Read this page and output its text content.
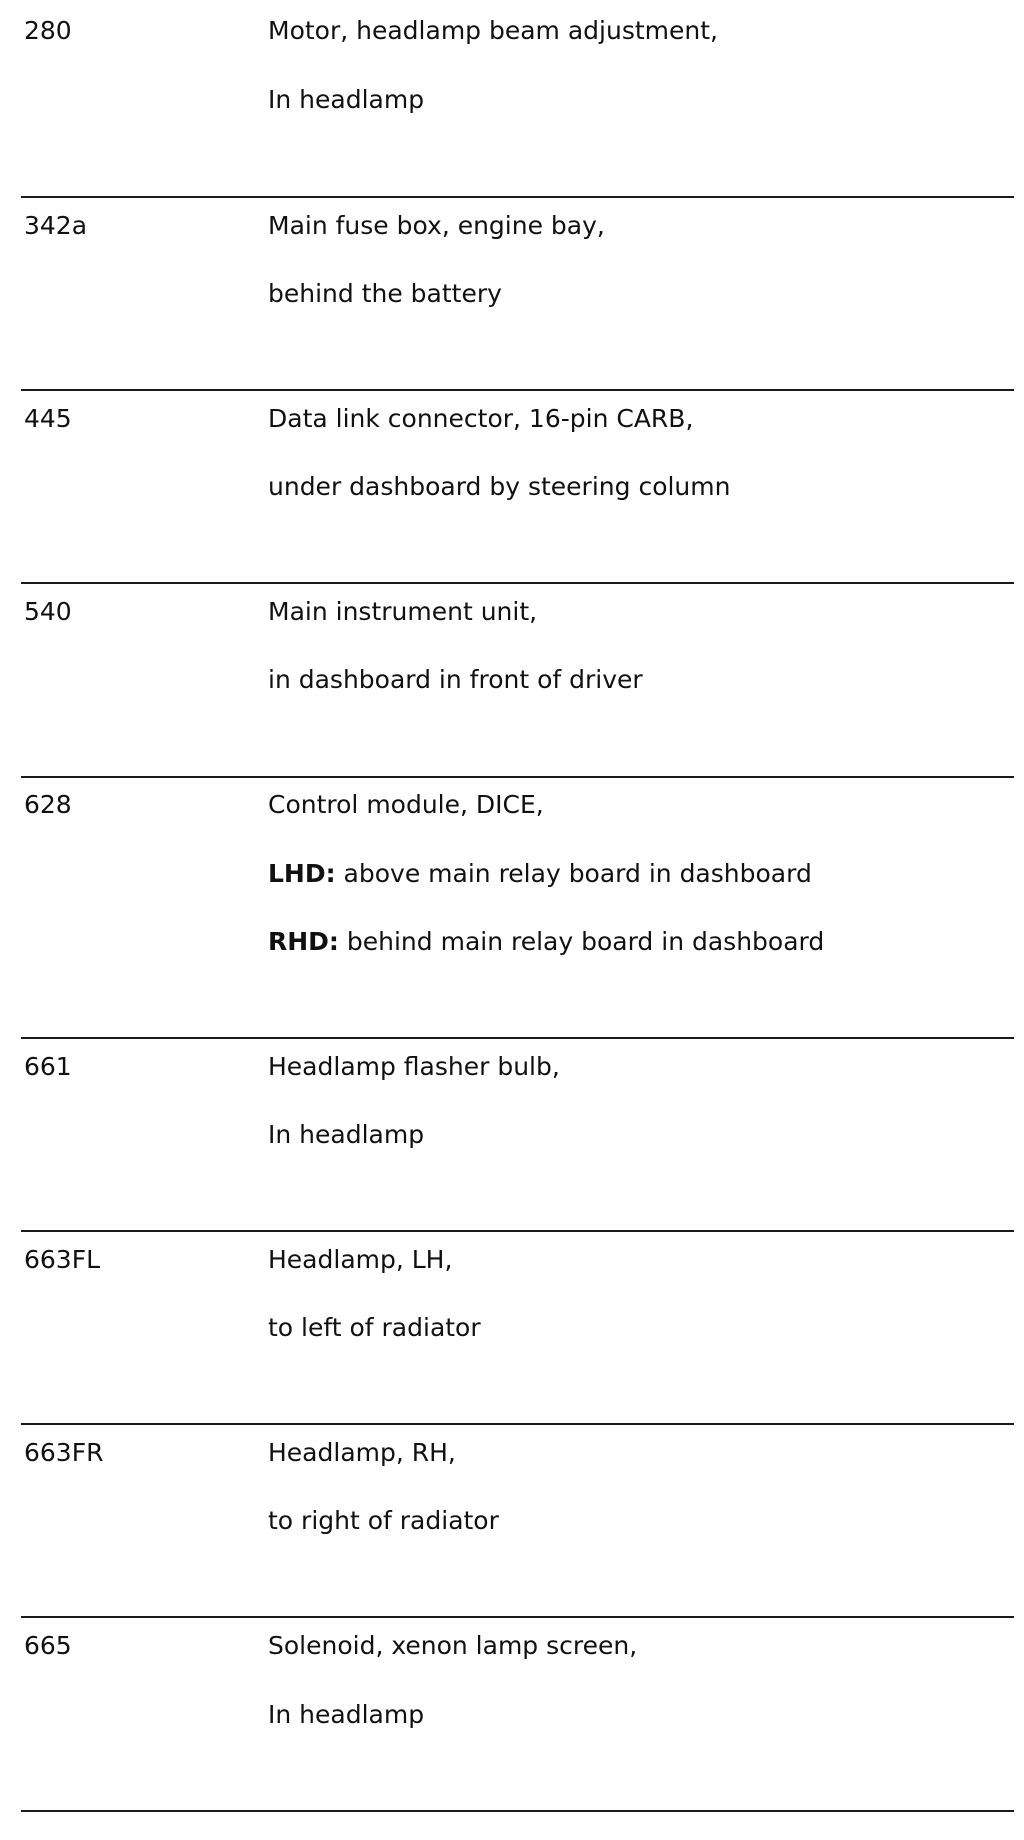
280	Motor, headlamp beam adjustment,
In headlamp
342a	Main fuse box, engine bay,
behind the battery
445	Data link connector, 16-pin CARB,
under dashboard by steering column
540	Main instrument unit,
in dashboard in front of driver
628	Control module, DICE,
LHD: above main relay board in dashboard
RHD: behind main relay board in dashboard
661	Headlamp flasher bulb,
In headlamp
663FL	Headlamp, LH,
to left of radiator
663FR	Headlamp, RH,
to right of radiator
665	Solenoid, xenon lamp screen,
In headlamp
